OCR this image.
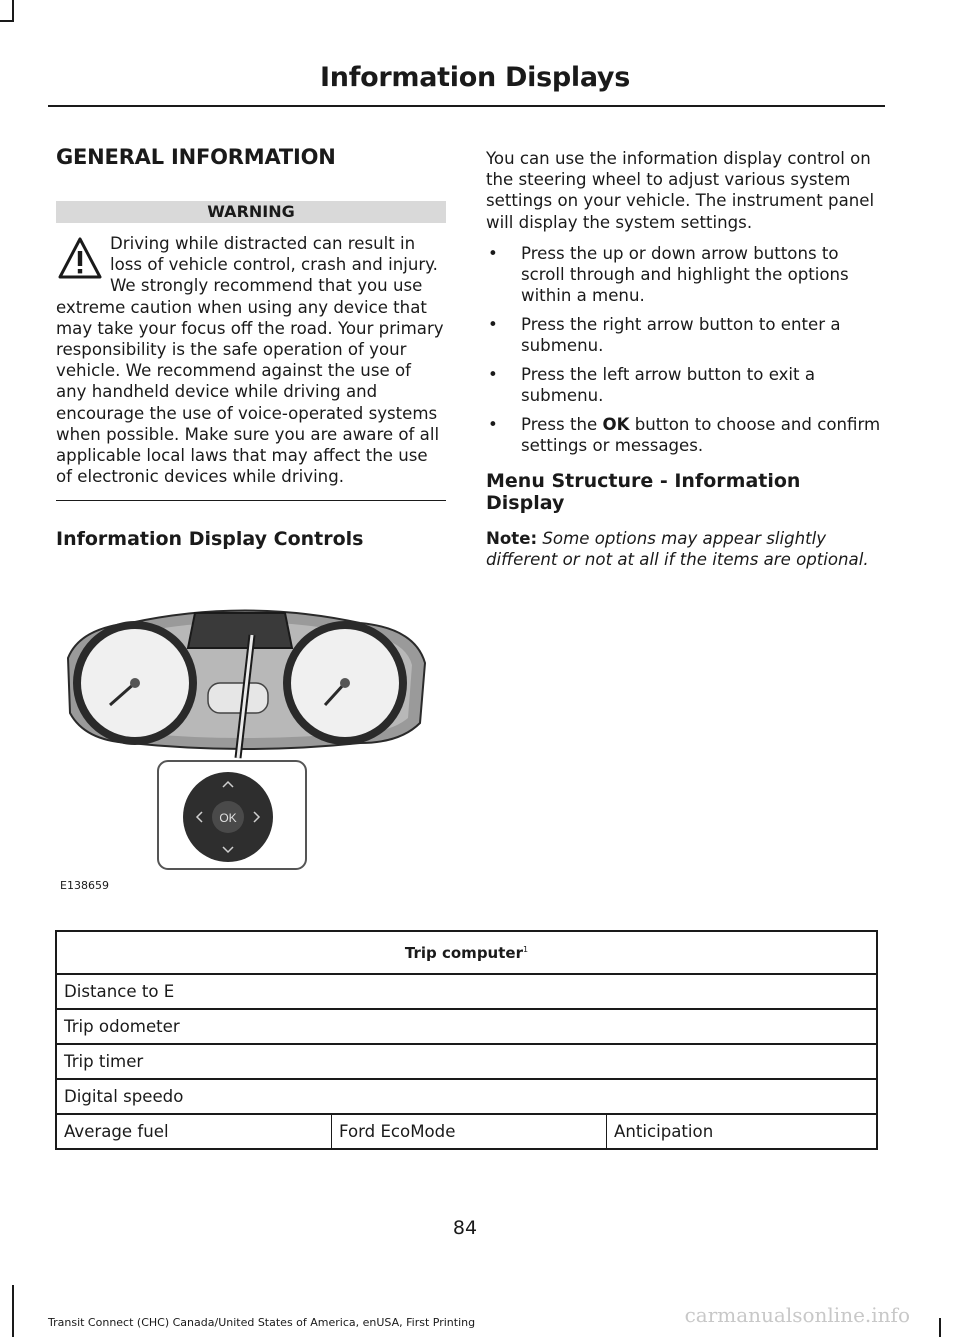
Information Displays
GENERAL INFORMATION
WARNING
Driving while distracted can result in loss of vehicle control, crash and injury. We strongly recommend that you use extreme caution when using any device that may take your focus off the road. Your primary responsibility is the safe operation of your vehicle. We recommend against the use of any handheld device while driving and encourage the use of voice-operated systems when possible. Make sure you are aware of all applicable local laws that may affect the use of electronic devices while driving.
Information Display Controls
OK
E138659

You can use the information display control on the steering wheel to adjust various system settings on your vehicle. The instrument panel will display the system settings.

• Press the up or down arrow buttons to scroll through and highlight the options within a menu.
• Press the right arrow button to enter a submenu.
• Press the left arrow button to exit a submenu.
• Press the OK button to choose and confirm settings or messages.
Menu Structure - Information Display

Note: Some options may appear slightly different or not at all if the items are optional.

Trip computer$^1$
Distance to E
Trip odometer
Trip timer
Digital speedo
Average fuel	Ford EcoMode	Anticipation
84
Transit Connect (CHC) Canada/United States of America, enUSA, First Printing	carmanualsonline.info
